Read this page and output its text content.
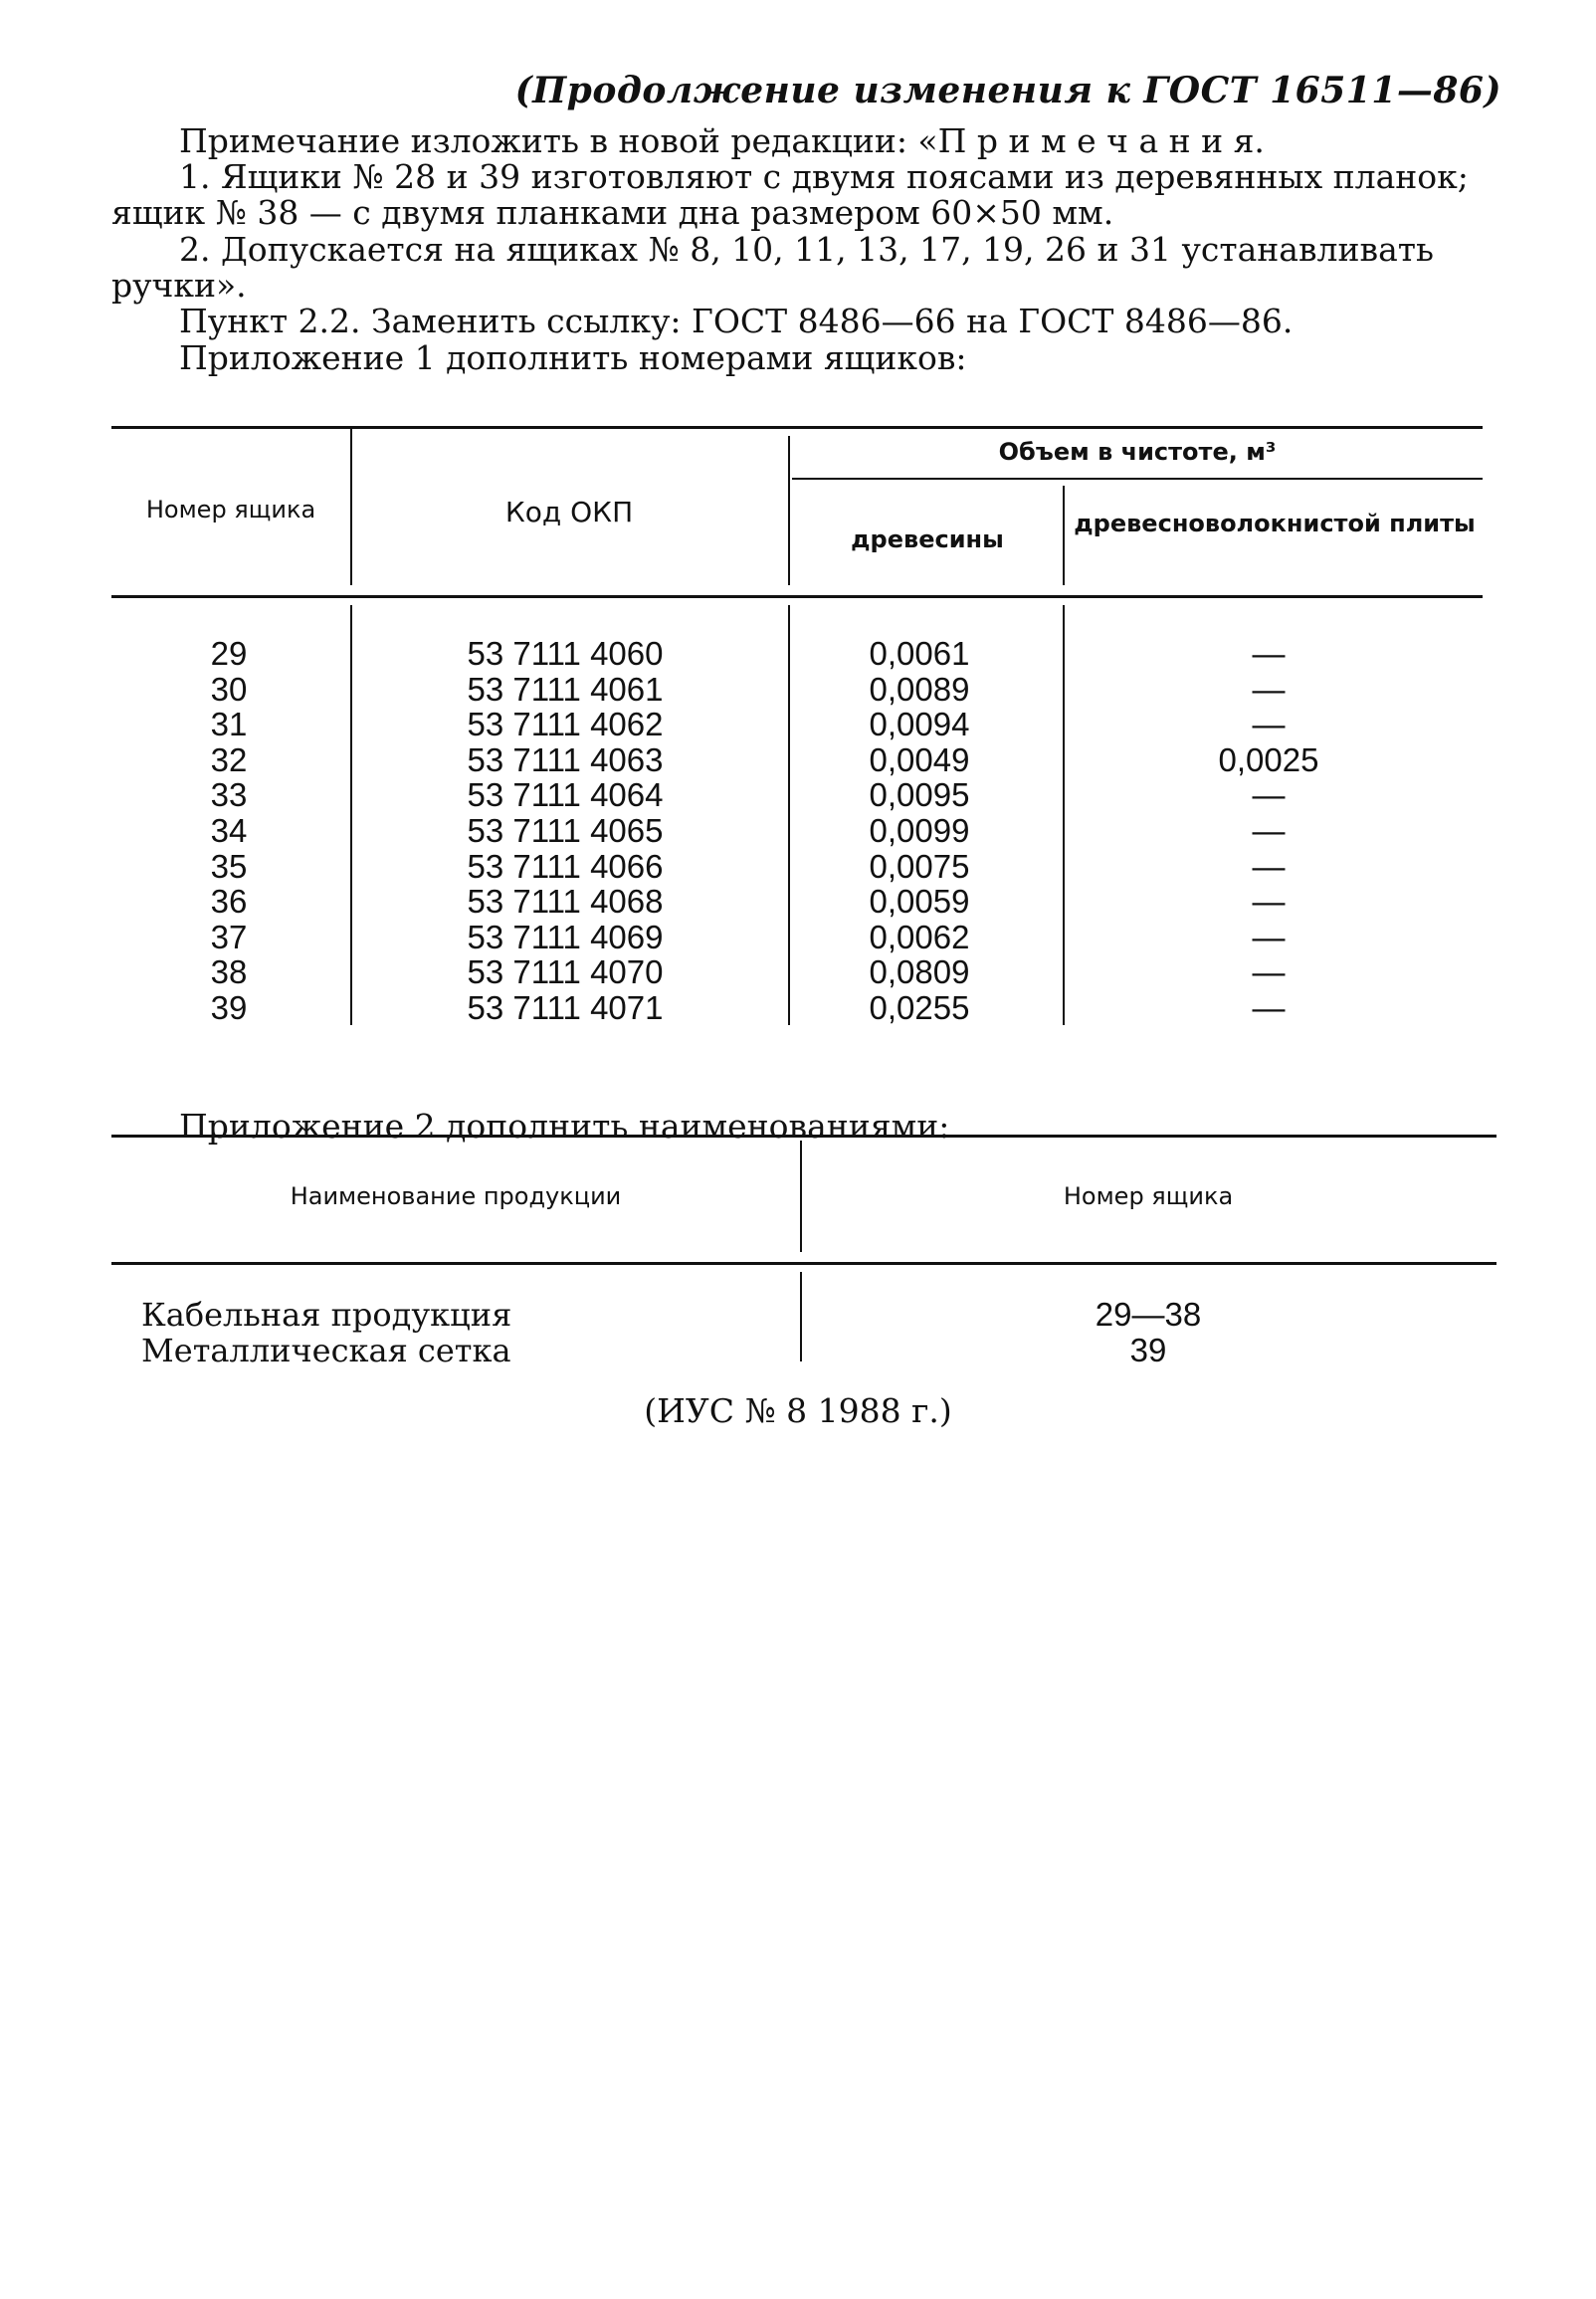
(Продолжение изменения к ГОСТ 16511—86)
Примечание изложить в новой редакции: «П р и м е ч а н и я.
1. Ящики № 28 и 39 изготовляют с двумя поясами из деревянных планок;
ящик № 38 — с двумя планками дна размером 60×50 мм.
2. Допускается на ящиках № 8, 10, 11, 13, 17, 19, 26 и 31 устанавливать
ручки».
Пункт 2.2. Заменить ссылку: ГОСТ 8486—66 на ГОСТ 8486—86.
Приложение 1 дополнить номерами ящиков:
Номер ящика	Код ОКП
Объем в чистоте, м³
древесины
древесноволокнистой плиты
29	53 7111 4060	0,0061	—
30	53 7111 4061	0,0089	—
31	53 7111 4062	0,0094	—
32	53 7111 4063	0,0049	0,0025
33	53 7111 4064	0,0095	—
34	53 7111 4065	0,0099	—
35	53 7111 4066	0,0075	—
36	53 7111 4068	0,0059	—
37	53 7111 4069	0,0062	—
38	53 7111 4070	0,0809	—
39	53 7111 4071	0,0255	—
Приложение 2 дополнить наименованиями:
Наименование продукции	Номер ящика
Кабельная продукция	29—38
Металлическая сетка	39
(ИУС № 8 1988 г.)
